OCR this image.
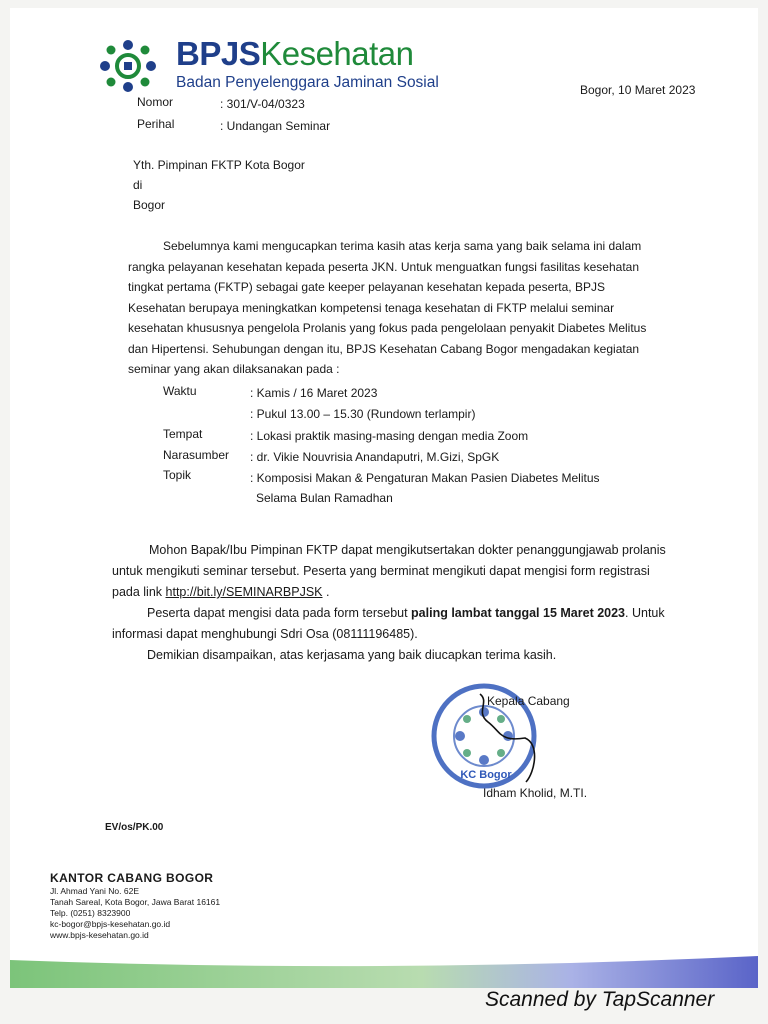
BPJSKesehatan
Badan Penyelenggara Jaminan Sosial	Bogor, 10 Maret 2023
Nomor	: 301/V-04/0323
Perihal	: Undangan Seminar
Yth. Pimpinan FKTP Kota Bogor
di
Bogor

Sebelumnya kami mengucapkan terima kasih atas kerja sama yang baik selama ini dalam

rangka pelayanan kesehatan kepada peserta JKN. Untuk menguatkan fungsi fasilitas kesehatan

tingkat pertama (FKTP) sebagai gate keeper pelayanan kesehatan kepada peserta, BPJS

Kesehatan berupaya meningkatkan kompetensi tenaga kesehatan di FKTP melalui seminar

kesehatan khususnya pengelola Prolanis yang fokus pada pengelolaan penyakit Diabetes Melitus

dan Hipertensi. Sehubungan dengan itu, BPJS Kesehatan Cabang Bogor mengadakan kegiatan

seminar yang akan dilaksanakan pada :

Waktu	: Kamis / 16 Maret 2023
: Pukul 13.00 – 15.30 (Rundown terlampir)
Tempat	: Lokasi praktik masing-masing dengan media Zoom
Narasumber : dr. Vikie Nouvrisia Anandaputri, M.Gizi, SpGK
Topik	: Komposisi Makan & Pengaturan Makan Pasien Diabetes Melitus
Selama Bulan Ramadhan
Mohon Bapak/Ibu Pimpinan FKTP dapat mengikutsertakan dokter penanggungjawab prolanis
untuk mengikuti seminar tersebut. Peserta yang berminat mengikuti dapat mengisi form registrasi
pada link http://bit.ly/SEMINARBPJSK .
Peserta dapat mengisi data pada form tersebut paling lambat tanggal 15 Maret 2023. Untuk
informasi dapat menghubungi Sdri Osa (08111196485).
Demikian disampaikan, atas kerjasama yang baik diucapkan terima kasih.
KC Bogor
Kepala Cabang
Idham Kholid, M.TI.
EV/os/PK.00
KANTOR CABANG BOGOR
Jl. Ahmad Yani No. 62E
Tanah Sareal, Kota Bogor, Jawa Barat 16161
Telp. (0251) 8323900
kc-bogor@bpjs-kesehatan.go.id
www.bpjs-kesehatan.go.id
Scanned by TapScanner
